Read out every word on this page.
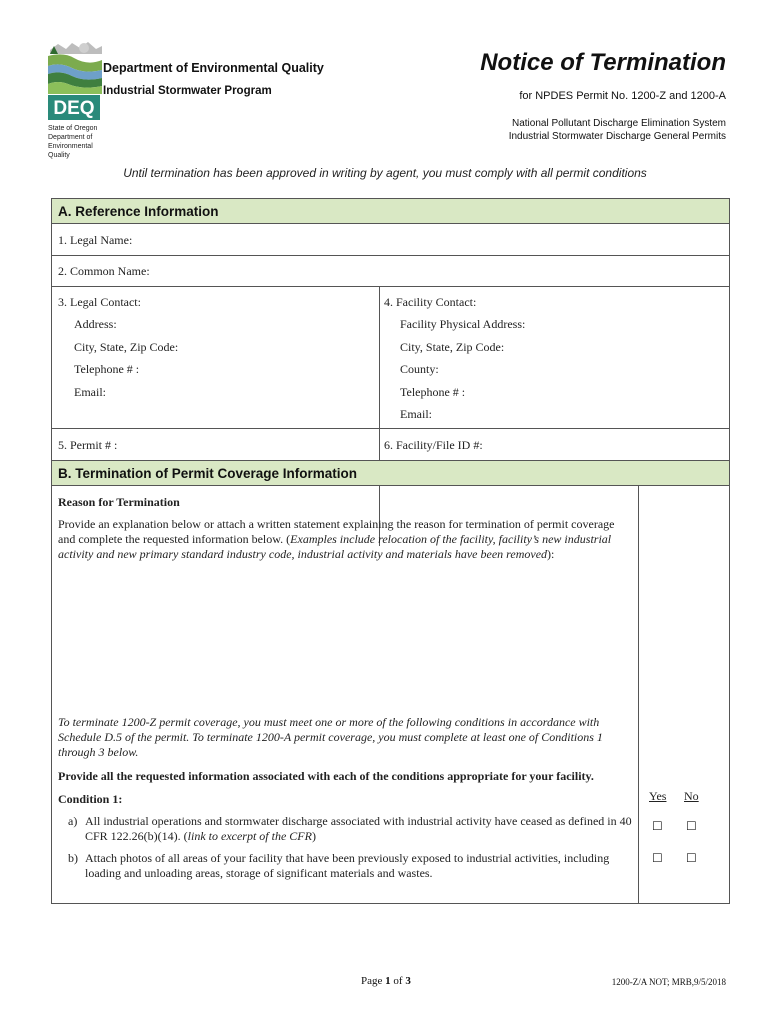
DEQ
State of Oregon
Department of
Environmental
Quality
Department of Environmental Quality
Industrial Stormwater Program
Notice of Termination
for NPDES Permit No. 1200-Z and 1200-A
National Pollutant Discharge Elimination System
Industrial Stormwater Discharge General Permits
Until termination has been approved in writing by agent, you must comply with all permit conditions
A. Reference Information
1. Legal Name:
2. Common Name:
3. Legal Contact:
Address:
City, State, Zip Code:
Telephone # :
Email:
4. Facility Contact:
Facility Physical Address:
City, State, Zip Code:
County:
Telephone # :
Email:
5. Permit # :	6. Facility/File ID #:
B. Termination of Permit Coverage Information
Reason for Termination
Provide an explanation below or attach a written statement explaining the reason for termination of permit coverage and complete the requested information below. (Examples include relocation of the facility, facility’s new industrial activity and new primary standard industry code, industrial activity and materials have been removed):
To terminate 1200-Z permit coverage, you must meet one or more of the following conditions in accordance with Schedule D.5 of the permit. To terminate 1200-A permit coverage, you must complete at least one of Conditions 1 through 3 below.
Provide all the requested information associated with each of the conditions appropriate for your facility.
Condition 1:	Yes No
a) All industrial operations and stormwater discharge associated with industrial activity have ceased as defined in 40 CFR 122.26(b)(14). (link to excerpt of the CFR)
☐ ☐
b) Attach photos of all areas of your facility that have been previously exposed to industrial activities, including loading and unloading areas, storage of significant materials and wastes.
☐ ☐
Page 1 of 3	1200-Z/A NOT; MRB,9/5/2018
